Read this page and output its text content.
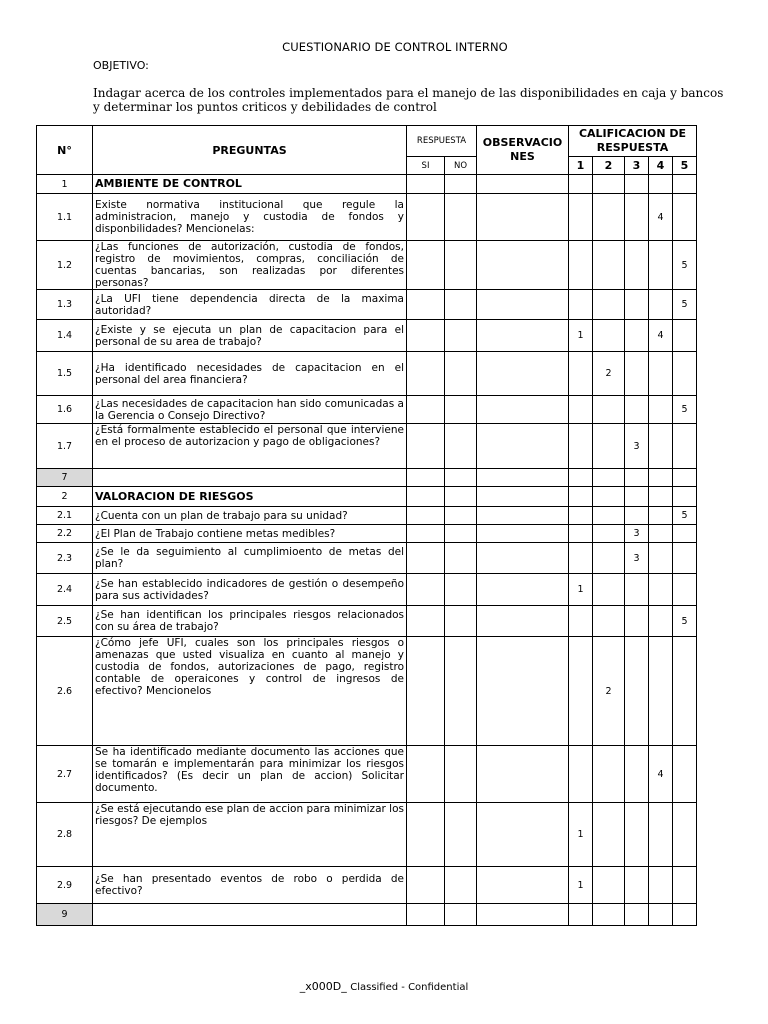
CUESTIONARIO DE CONTROL INTERNO
OBJETIVO:
Indagar acerca de los controles implementados para el manejo de las disponibilidades en caja y bancos
y determinar los puntos criticos y debilidades de control
N°	PREGUNTAS	RESPUESTA		OBSERVACIONES	CALIFICACION DE RESPUESTA				
		SI	NO		1	2	3	4	5
1	AMBIENTE DE CONTROL								
1.1	Existe normativa institucional que regule la administracion, manejo y custodia de fondos y disponbilidades? Mencionelas:							4	
1.2	¿Las funciones de autorización, custodia de fondos, registro de movimientos, compras, conciliación de cuentas bancarias, son realizadas por diferentes personas?								5
1.3	¿La UFI tiene dependencia directa de la maxima autoridad?								5
1.4	¿Existe y se ejecuta un plan de capacitacion para el personal de su area de trabajo?				1			4	
1.5	¿Ha identificado necesidades de capacitacion en el personal del area financiera?					2			
1.6	¿Las necesidades de capacitacion han sido comunicadas a la Gerencia o Consejo Directivo?								5
1.7	¿Está formalmente establecido el personal que interviene en el proceso de autorizacion y pago de obligaciones?						3		
7									
2	VALORACION DE RIESGOS								
2.1	¿Cuenta con un plan de trabajo para su unidad?								5
2.2	¿El Plan de Trabajo contiene metas medibles?						3		
2.3	¿Se le da seguimiento al cumplimioento de metas del plan?						3		
2.4	¿Se han establecido indicadores de gestión o desempeño para sus actividades?				1				
2.5	¿Se han identifican los principales riesgos relacionados con su área de trabajo?								5
2.6	¿Cómo jefe UFI, cuales son los principales riesgos o amenazas que usted visualiza en cuanto al manejo y custodia de fondos, autorizaciones de pago, registro contable de operaicones y control de ingresos de efectivo? Mencionelos					2			
2.7	Se ha identificado mediante documento las acciones que se tomarán e implementarán para minimizar los riesgos identificados? (Es decir un plan de accion) Solicitar documento.							4	
2.8	¿Se está ejecutando ese plan de accion para minimizar los riesgos? De ejemplos				1				
2.9	¿Se han presentado eventos de robo o perdida de efectivo?				1				
9									
_x000D_ Classified - Confidential
